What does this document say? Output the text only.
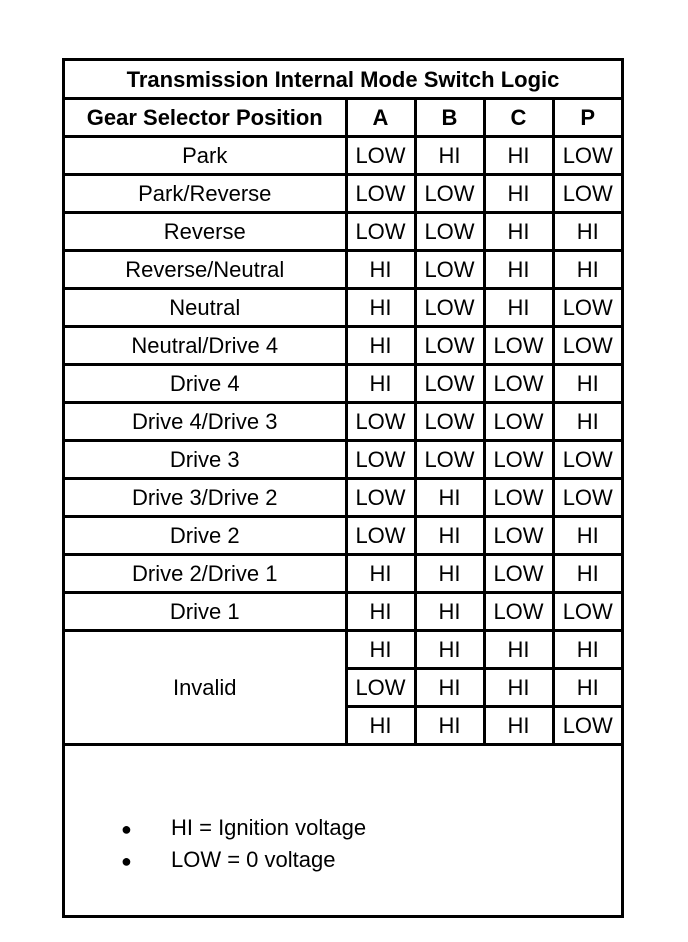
Transmission Internal Mode Switch Logic
Gear Selector Position	A	B	C	P
Park	LOW	HI	HI	LOW
Park/Reverse	LOW	LOW	HI	LOW
Reverse	LOW	LOW	HI	HI
Reverse/Neutral	HI	LOW	HI	HI
Neutral	HI	LOW	HI	LOW
Neutral/Drive 4	HI	LOW	LOW	LOW
Drive 4	HI	LOW	LOW	HI
Drive 4/Drive 3	LOW	LOW	LOW	HI
Drive 3	LOW	LOW	LOW	LOW
Drive 3/Drive 2	LOW	HI	LOW	LOW
Drive 2	LOW	HI	LOW	HI
Drive 2/Drive 1	HI	HI	LOW	HI
Drive 1	HI	HI	LOW	LOW
Invalid	HI	HI	HI	HI
	LOW	HI	HI	HI
	HI	HI	HI	LOW
● HI = Ignition voltage
● LOW = 0 voltage
